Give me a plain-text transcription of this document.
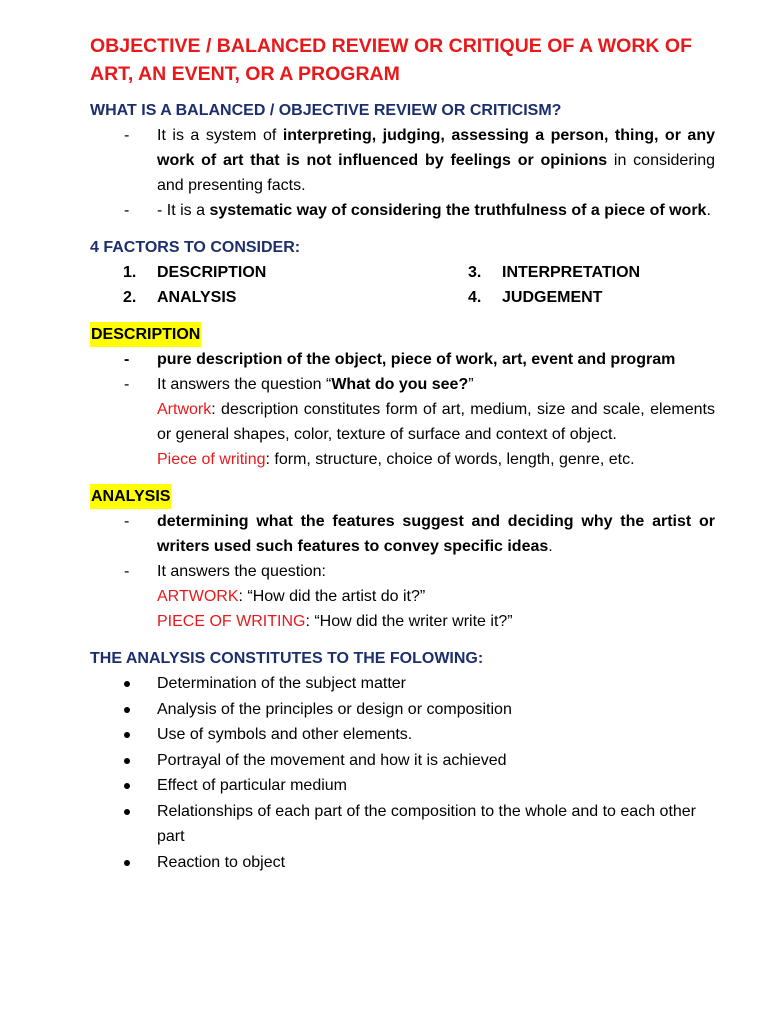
OBJECTIVE / BALANCED REVIEW OR CRITIQUE OF A WORK OF ART, AN EVENT, OR A PROGRAM
WHAT IS A BALANCED / OBJECTIVE REVIEW OR CRITICISM?
- It is a system of interpreting, judging, assessing a person, thing, or any work of art that is not influenced by feelings or opinions in considering and presenting facts.
- - It is a systematic way of considering the truthfulness of a piece of work.
4 FACTORS TO CONSIDER:
1. DESCRIPTION	3. INTERPRETATION
2. ANALYSIS	4. JUDGEMENT
DESCRIPTION
- pure description of the object, piece of work, art, event and program
- It answers the question “What do you see?”
Artwork: description constitutes form of art, medium, size and scale, elements or general shapes, color, texture of surface and context of object.
Piece of writing: form, structure, choice of words, length, genre, etc.
ANALYSIS
- determining what the features suggest and deciding why the artist or writers used such features to convey specific ideas.
- It answers the question:
ARTWORK: “How did the artist do it?”
PIECE OF WRITING: “How did the writer write it?”
THE ANALYSIS CONSTITUTES TO THE FOLOWING:
Determination of the subject matter
Analysis of the principles or design or composition
Use of symbols and other elements.
Portrayal of the movement and how it is achieved
Effect of particular medium
Relationships of each part of the composition to the whole and to each other part
Reaction to object
